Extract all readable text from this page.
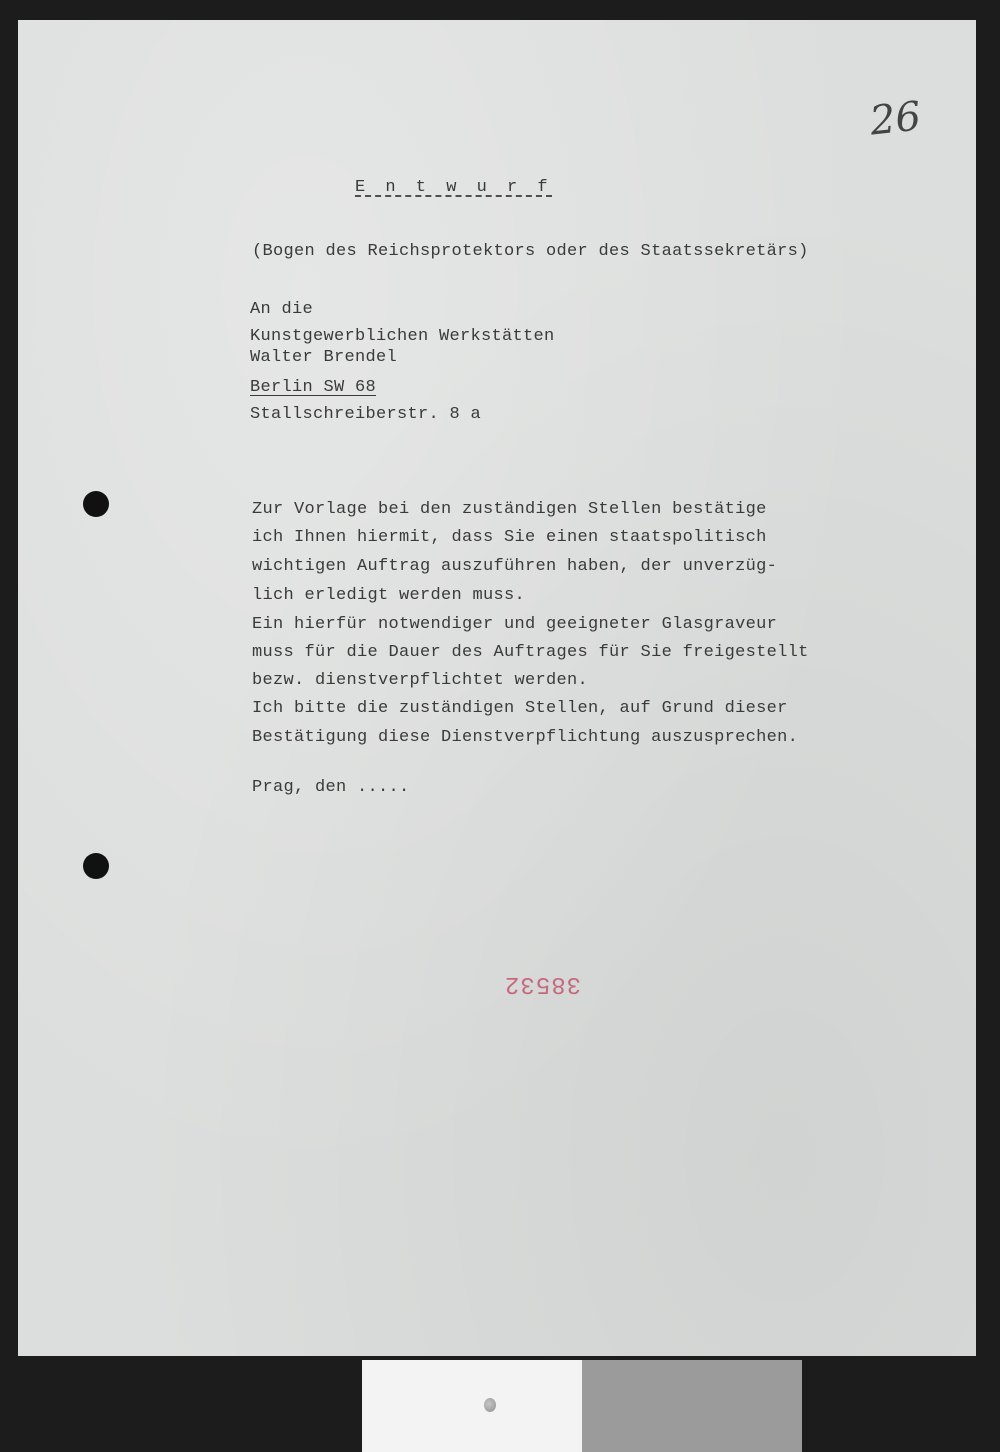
26
E n t w u r f
(Bogen des Reichsprotektors oder des Staatssekretärs)
An die
Kunstgewerblichen Werkstätten
Walter Brendel
Berlin SW 68
Stallschreiberstr. 8 a
Zur Vorlage bei den zuständigen Stellen bestätige
ich Ihnen hiermit, dass Sie einen staatspolitisch
wichtigen Auftrag auszuführen haben, der unverzüg-
lich erledigt werden muss.
Ein hierfür notwendiger und geeigneter Glasgraveur
muss für die Dauer des Auftrages für Sie freigestellt
bezw. dienstverpflichtet werden.
Ich bitte die zuständigen Stellen, auf Grund dieser
Bestätigung diese Dienstverpflichtung auszusprechen.
Prag, den .....
38532
